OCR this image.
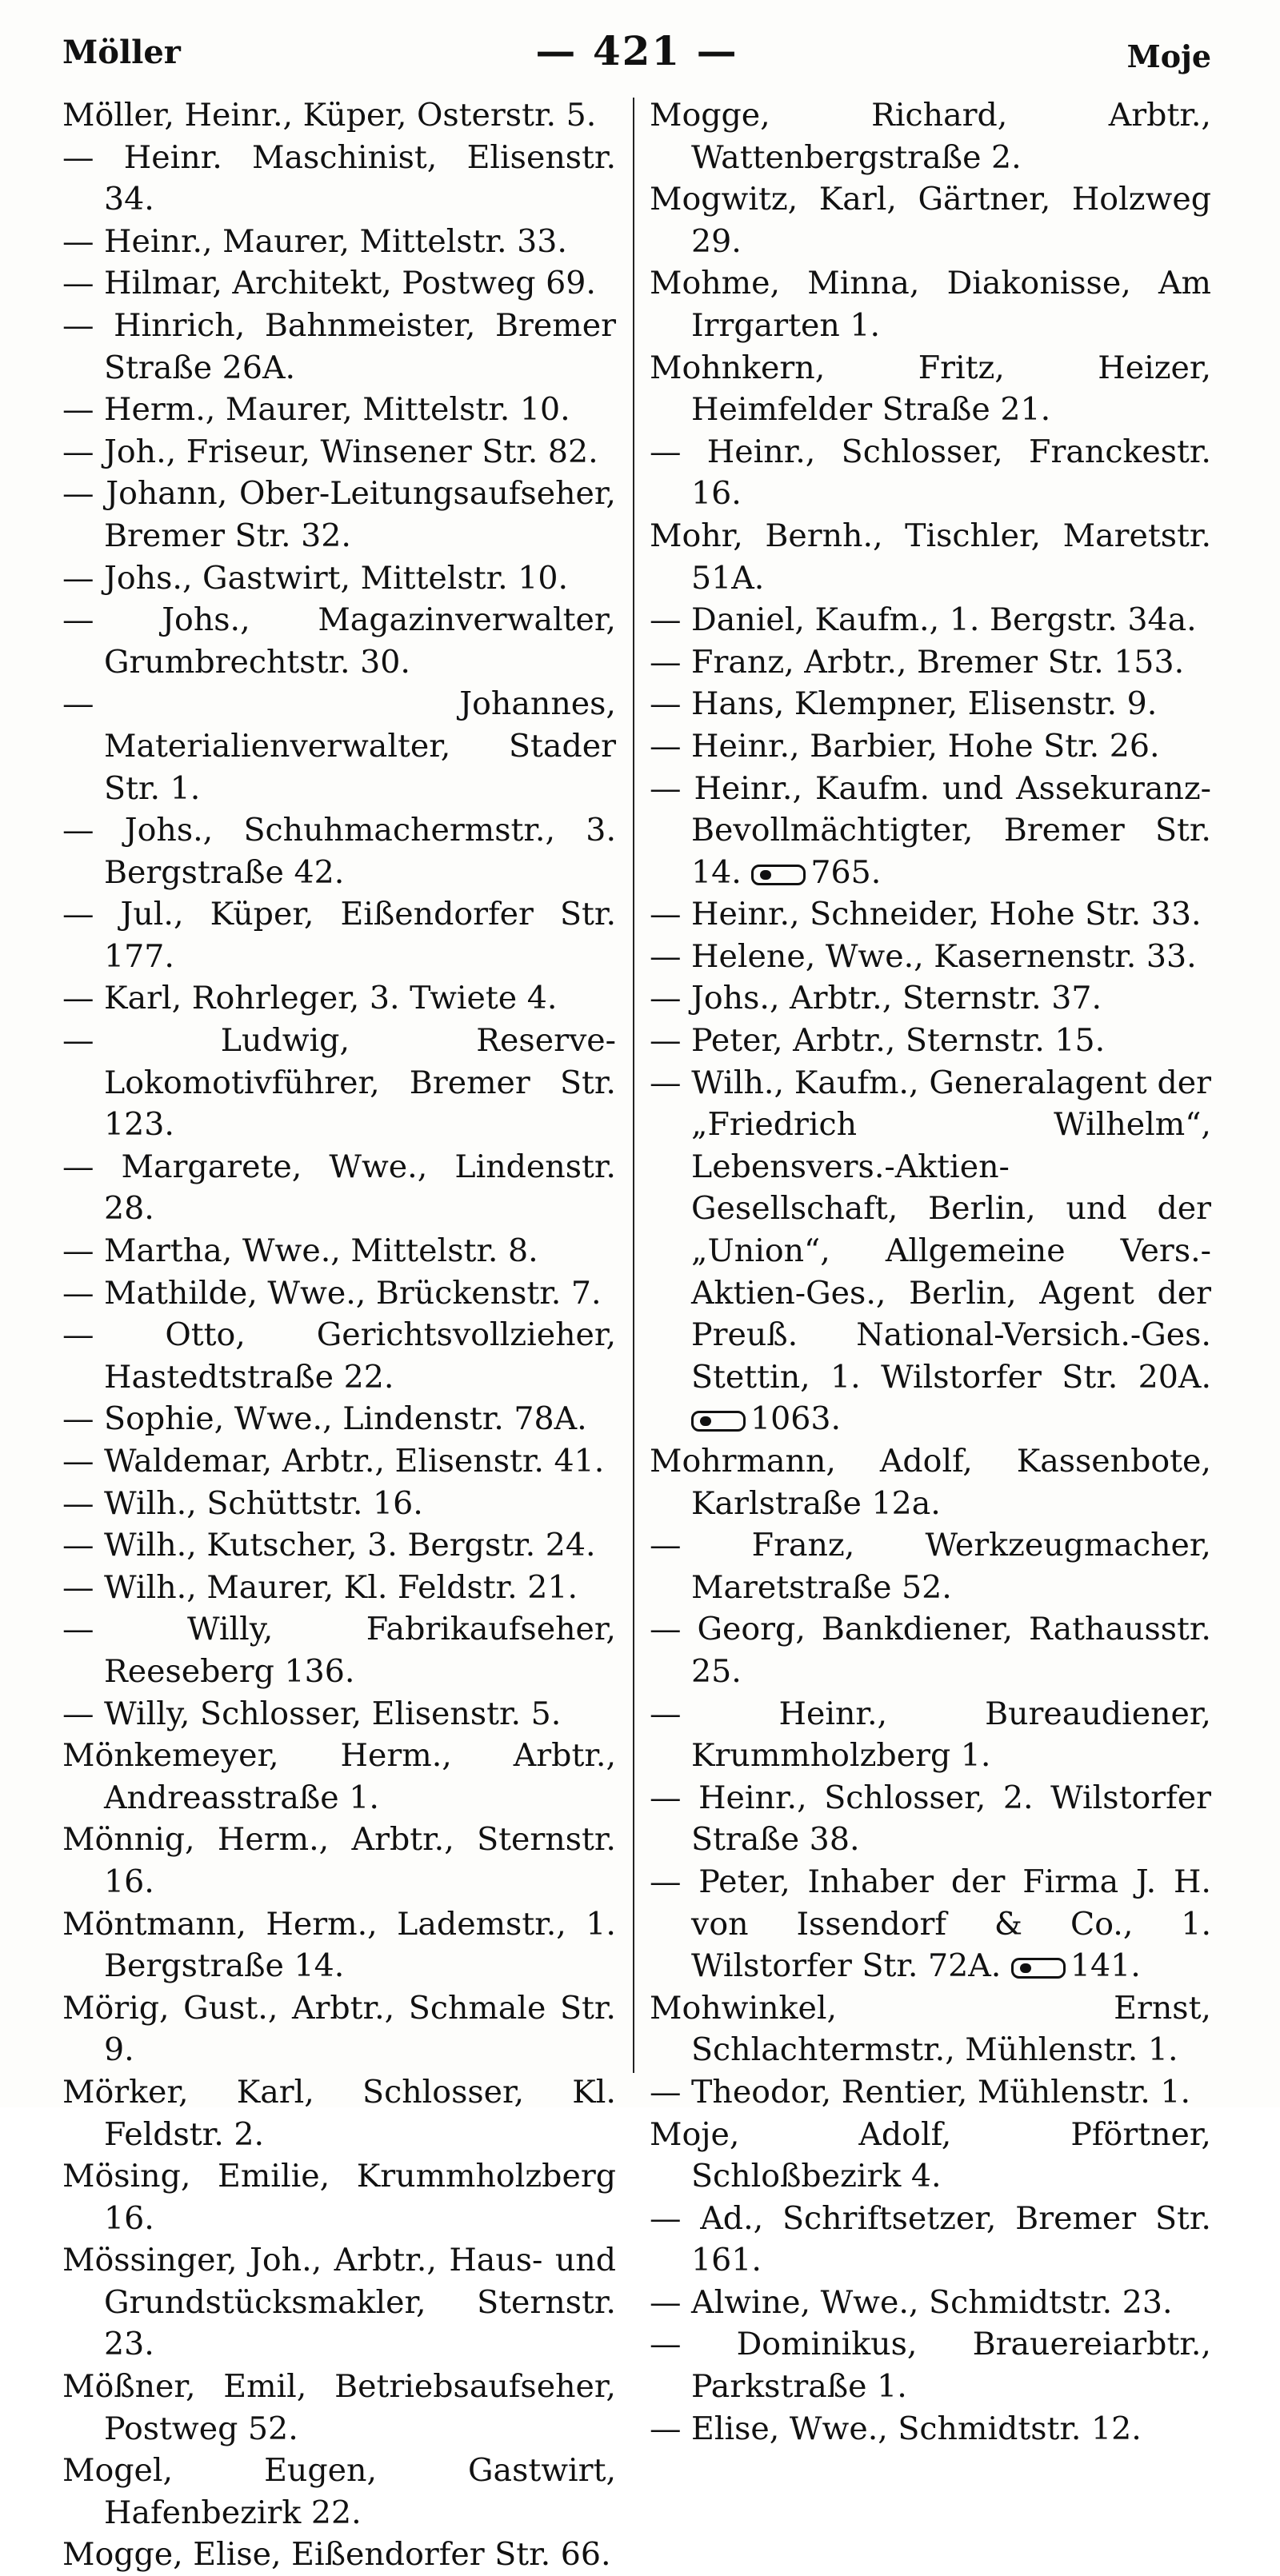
Möller	— 421 —	Moje

Möller, Heinr., Küper, Osterstr. 5.

— Heinr. Maschinist, Elisenstr. 34.

— Heinr., Maurer, Mittelstr. 33.

— Hilmar, Architekt, Postweg 69.

— Hinrich, Bahnmeister, Bremer Straße 26A.

— Herm., Maurer, Mittelstr. 10.

— Joh., Friseur, Winsener Str. 82.

— Johann, Ober-Leitungsaufseher, Bremer Str. 32.

— Johs., Gastwirt, Mittelstr. 10.

— Johs., Magazinverwalter, Grumbrechtstr. 30.

— Johannes, Materialienverwalter, Stader Str. 1.

— Johs., Schuhmachermstr., 3. Bergstraße 42.

— Jul., Küper, Eißendorfer Str. 177.

— Karl, Rohrleger, 3. Twiete 4.

— Ludwig, Reserve-Lokomotivführer, Bremer Str. 123.

— Margarete, Wwe., Lindenstr. 28.

— Martha, Wwe., Mittelstr. 8.

— Mathilde, Wwe., Brückenstr. 7.

— Otto, Gerichtsvollzieher, Hastedtstraße 22.

— Sophie, Wwe., Lindenstr. 78A.

— Waldemar, Arbtr., Elisenstr. 41.

— Wilh., Schüttstr. 16.

— Wilh., Kutscher, 3. Bergstr. 24.

— Wilh., Maurer, Kl. Feldstr. 21.

— Willy, Fabrikaufseher, Reeseberg 136.

— Willy, Schlosser, Elisenstr. 5.

Mönkemeyer, Herm., Arbtr., Andreasstraße 1.

Mönnig, Herm., Arbtr., Sternstr. 16.

Möntmann, Herm., Lademstr., 1. Bergstraße 14.

Mörig, Gust., Arbtr., Schmale Str. 9.

Mörker, Karl, Schlosser, Kl. Feldstr. 2.

Mösing, Emilie, Krummholzberg 16.

Mössinger, Joh., Arbtr., Haus- und Grundstücksmakler, Sternstr. 23.

Mößner, Emil, Betriebsaufseher, Postweg 52.

Mogel, Eugen, Gastwirt, Hafenbezirk 22.

Mogge, Elise, Eißendorfer Str. 66.

Mogge, Richard, Arbtr., Wattenbergstraße 2.

Mogwitz, Karl, Gärtner, Holzweg 29.

Mohme, Minna, Diakonisse, Am Irrgarten 1.

Mohnkern, Fritz, Heizer, Heimfelder Straße 21.

— Heinr., Schlosser, Franckestr. 16.

Mohr, Bernh., Tischler, Maretstr. 51A.

— Daniel, Kaufm., 1. Bergstr. 34a.

— Franz, Arbtr., Bremer Str. 153.

— Hans, Klempner, Elisenstr. 9.

— Heinr., Barbier, Hohe Str. 26.

— Heinr., Kaufm. und Assekuranz-Bevollmächtigter, Bremer Str. 14. 765.

— Heinr., Schneider, Hohe Str. 33.

— Helene, Wwe., Kasernenstr. 33.

— Johs., Arbtr., Sternstr. 37.

— Peter, Arbtr., Sternstr. 15.

— Wilh., Kaufm., Generalagent der „Friedrich Wilhelm“, Lebensvers.-Aktien-Gesellschaft, Berlin, und der „Union“, Allgemeine Vers.-Aktien-Ges., Berlin, Agent der Preuß. National-Versich.-Ges. Stettin, 1. Wilstorfer Str. 20A. 1063.

Mohrmann, Adolf, Kassenbote, Karlstraße 12a.

— Franz, Werkzeugmacher, Maretstraße 52.

— Georg, Bankdiener, Rathausstr. 25.

— Heinr., Bureaudiener, Krummholzberg 1.

— Heinr., Schlosser, 2. Wilstorfer Straße 38.

— Peter, Inhaber der Firma J. H. von Issendorf & Co., 1. Wilstorfer Str. 72A. 141.

Mohwinkel, Ernst, Schlachtermstr., Mühlenstr. 1.

— Theodor, Rentier, Mühlenstr. 1.

Moje, Adolf, Pförtner, Schloßbezirk 4.

— Ad., Schriftsetzer, Bremer Str. 161.

— Alwine, Wwe., Schmidtstr. 23.

— Dominikus, Brauereiarbtr., Parkstraße 1.

— Elise, Wwe., Schmidtstr. 12.
